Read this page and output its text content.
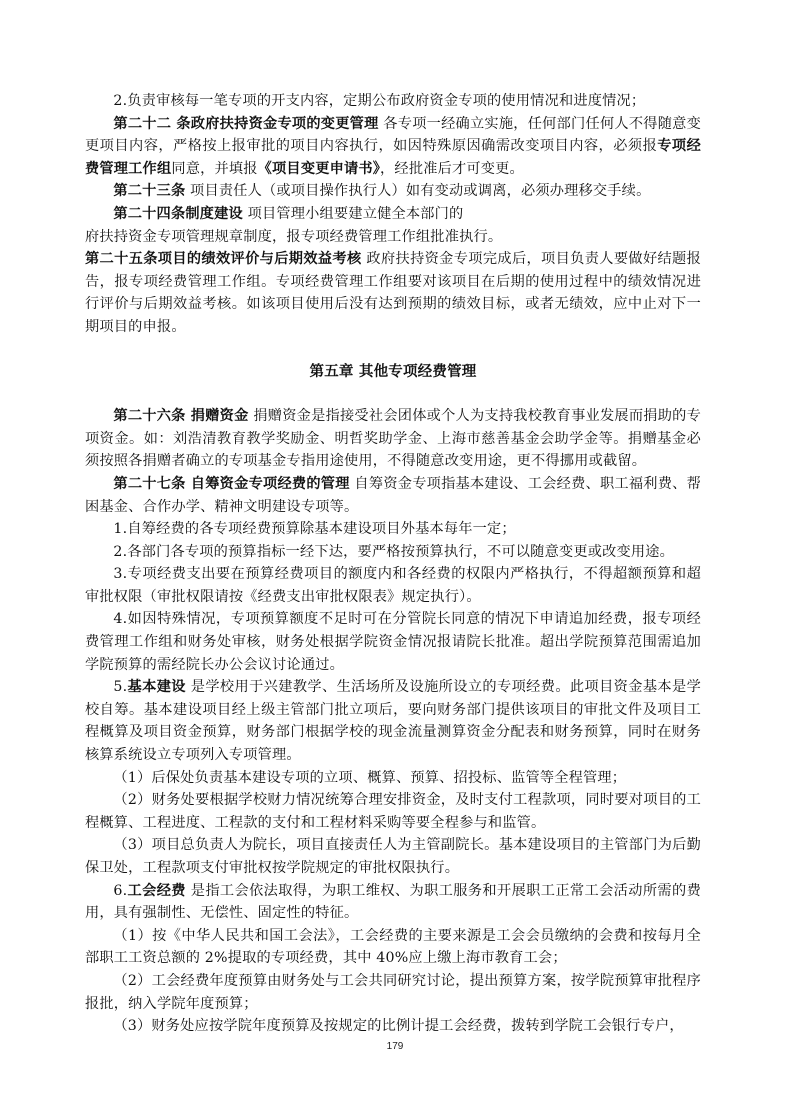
2.负责审核每一笔专项的开支内容，定期公布政府资金专项的使用情况和进度情况；

第二十二 条政府扶持资金专项的变更管理 各专项一经确立实施，任何部门任何人不得随意变更项目内容，严格按上报审批的项目内容执行，如因特殊原因确需改变项目内容，必须报专项经费管理工作组同意，并填报《项目变更申请书》，经批准后才可变更。

第二十三条 项目责任人（或项目操作执行人）如有变动或调离，必须办理移交手续。

第二十四条制度建设 项目管理小组要建立健全本部门的

府扶持资金专项管理规章制度，报专项经费管理工作组批准执行。

第二十五条项目的绩效评价与后期效益考核 政府扶持资金专项完成后，项目负责人要做好结题报告，报专项经费管理工作组。专项经费管理工作组要对该项目在后期的使用过程中的绩效情况进行评价与后期效益考核。如该项目使用后没有达到预期的绩效目标，或者无绩效，应中止对下一期项目的申报。

第五章 其他专项经费管理

第二十六条 捐赠资金 捐赠资金是指接受社会团体或个人为支持我校教育事业发展而捐助的专项资金。如：刘浩清教育教学奖励金、明哲奖助学金、上海市慈善基金会助学金等。捐赠基金必须按照各捐赠者确立的专项基金专指用途使用，不得随意改变用途，更不得挪用或截留。

第二十七条 自筹资金专项经费的管理 自筹资金专项指基本建设、工会经费、职工福利费、帮困基金、合作办学、精神文明建设专项等。

1.自筹经费的各专项经费预算除基本建设项目外基本每年一定；

2.各部门各专项的预算指标一经下达，要严格按预算执行，不可以随意变更或改变用途。

3.专项经费支出要在预算经费项目的额度内和各经费的权限内严格执行，不得超额预算和超审批权限（审批权限请按《经费支出审批权限表》规定执行）。

4.如因特殊情况，专项预算额度不足时可在分管院长同意的情况下申请追加经费，报专项经费管理工作组和财务处审核，财务处根据学院资金情况报请院长批准。超出学院预算范围需追加学院预算的需经院长办公会议讨论通过。

5.基本建设 是学校用于兴建教学、生活场所及设施所设立的专项经费。此项目资金基本是学校自筹。基本建设项目经上级主管部门批立项后，要向财务部门提供该项目的审批文件及项目工程概算及项目资金预算，财务部门根据学校的现金流量测算资金分配表和财务预算，同时在财务核算系统设立专项列入专项管理。

（1）后保处负责基本建设专项的立项、概算、预算、招投标、监管等全程管理；

（2）财务处要根据学校财力情况统筹合理安排资金，及时支付工程款项，同时要对项目的工程概算、工程进度、工程款的支付和工程材料采购等要全程参与和监管。

（3）项目总负责人为院长，项目直接责任人为主管副院长。基本建设项目的主管部门为后勤保卫处，工程款项支付审批权按学院规定的审批权限执行。

6.工会经费 是指工会依法取得，为职工维权、为职工服务和开展职工正常工会活动所需的费用，具有强制性、无偿性、固定性的特征。

（1）按《中华人民共和国工会法》，工会经费的主要来源是工会会员缴纳的会费和按每月全部职工工资总额的 2%提取的专项经费，其中 40%应上缴上海市教育工会；

（2）工会经费年度预算由财务处与工会共同研究讨论，提出预算方案，按学院预算审批程序报批，纳入学院年度预算；

（3）财务处应按学院年度预算及按规定的比例计提工会经费，拨转到学院工会银行专户，

179
